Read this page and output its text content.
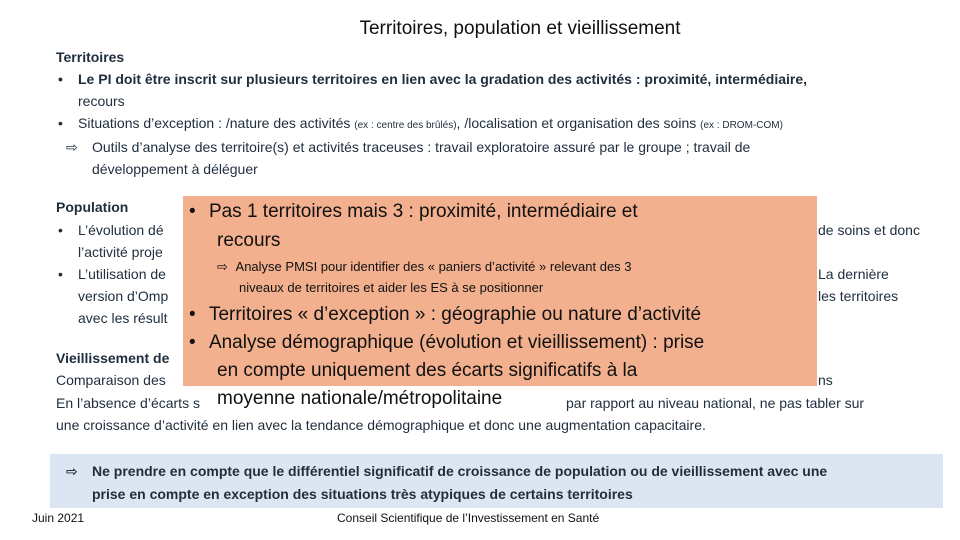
Territoires, population et vieillissement
Territoires
• Le PI doit être inscrit sur plusieurs territoires en lien avec la gradation des activités : proximité, intermédiaire,
recours
• Situations d’exception : /nature des activités (ex : centre des brûlés), /localisation et organisation des soins (ex : DROM-COM)
⇨ Outils d’analyse des territoire(s) et activités traceuses : travail exploratoire assuré par le groupe ; travail de
développement à déléguer
Population
• L’évolution dé	de soins et donc
l’activité proje
• L’utilisation de	La dernière
version d’Omp	les territoires
avec les résult
Vieillissement de
Comparaison des	ns
En l’absence d’écarts s	par rapport au niveau national, ne pas tabler sur
une croissance d’activité en lien avec la tendance démographique et donc une augmentation capacitaire.
• Pas 1 territoires mais 3 : proximité, intermédiaire et
recours
⇨ Analyse PMSI pour identifier des « paniers d’activité » relevant des 3
niveaux de territoires et aider les ES à se positionner
• Territoires « d’exception » : géographie ou nature d’activité
• Analyse démographique (évolution et vieillissement) : prise
en compte uniquement des écarts significatifs à la
moyenne nationale/métropolitaine
⇨ Ne prendre en compte que le différentiel significatif de croissance de population ou de vieillissement avec une
prise en compte en exception des situations très atypiques de certains territoires
Juin 2021	Conseil Scientifique de l’Investissement en Santé
